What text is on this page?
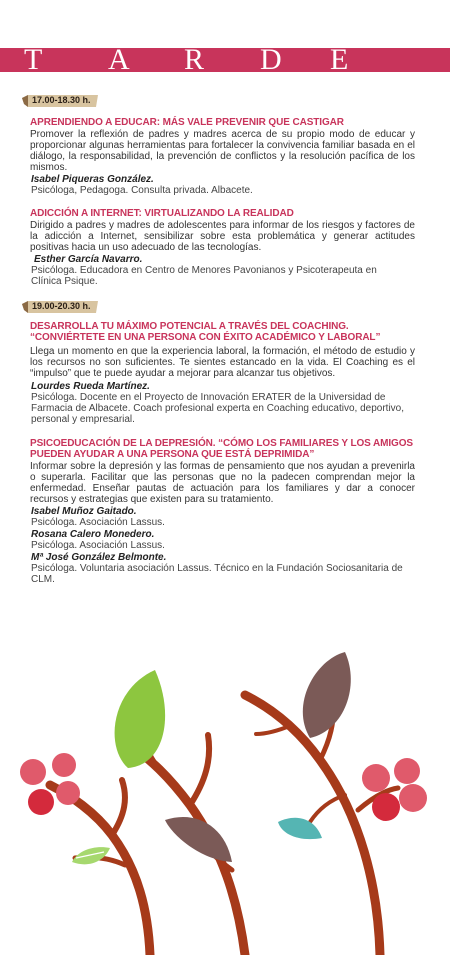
T A R D E
17.00-18.30 h.
APRENDIENDO A EDUCAR: MÁS VALE PREVENIR QUE CASTIGAR
Promover la reflexión de padres y madres acerca de su propio modo de educar y proporcionar algunas herramientas para fortalecer la convivencia familiar basada en el diálogo, la responsabilidad, la prevención de conflictos y la resolución pacífica de los mismos.
Isabel Piqueras González.
Psicóloga, Pedagoga. Consulta privada. Albacete.
ADICCIÓN A INTERNET: VIRTUALIZANDO LA REALIDAD
Dirigido a padres y madres de adolescentes para informar de los riesgos y factores de la adicción a Internet, sensibilizar sobre esta problemática y generar actitudes positivas hacia un uso adecuado de las tecnologías.
Esther García Navarro.
Psicóloga. Educadora en Centro de Menores Pavonianos y Psicoterapeuta en Clínica Psique.
19.00-20.30 h.
DESARROLLA TU MÁXIMO POTENCIAL A TRAVÉS DEL COACHING. “CONVIÉRTETE EN UNA PERSONA CON ÉXITO ACADÉMICO Y LABORAL”
Llega un momento en que la experiencia laboral, la formación, el método de estudio y los recursos no son suficientes. Te sientes estancado en la vida. El Coaching es el “impulso” que te puede ayudar a mejorar para alcanzar tus objetivos.
Lourdes Rueda Martínez.
Psicóloga. Docente en el Proyecto de Innovación ERATER de la Universidad de Farmacia de Albacete. Coach profesional experta en Coaching educativo, deportivo, personal y empresarial.
PSICOEDUCACIÓN DE LA DEPRESIÓN. “CÓMO LOS FAMILIARES Y LOS AMIGOS PUEDEN AYUDAR A UNA PERSONA QUE ESTÁ DEPRIMIDA”
Informar sobre la depresión y las formas de pensamiento que nos ayudan a prevenirla o superarla. Facilitar que las personas que no la padecen comprendan mejor la enfermedad. Enseñar pautas de actuación para los familiares y dar a conocer recursos y estrategias que existen para su tratamiento.
Isabel Muñoz Gaitado.
Psicóloga. Asociación Lassus.
Rosana Calero Monedero.
Psicóloga. Asociación Lassus.
Mª José González Belmonte.
Psicóloga. Voluntaria asociación Lassus. Técnico en la Fundación Sociosanitaria de CLM.
